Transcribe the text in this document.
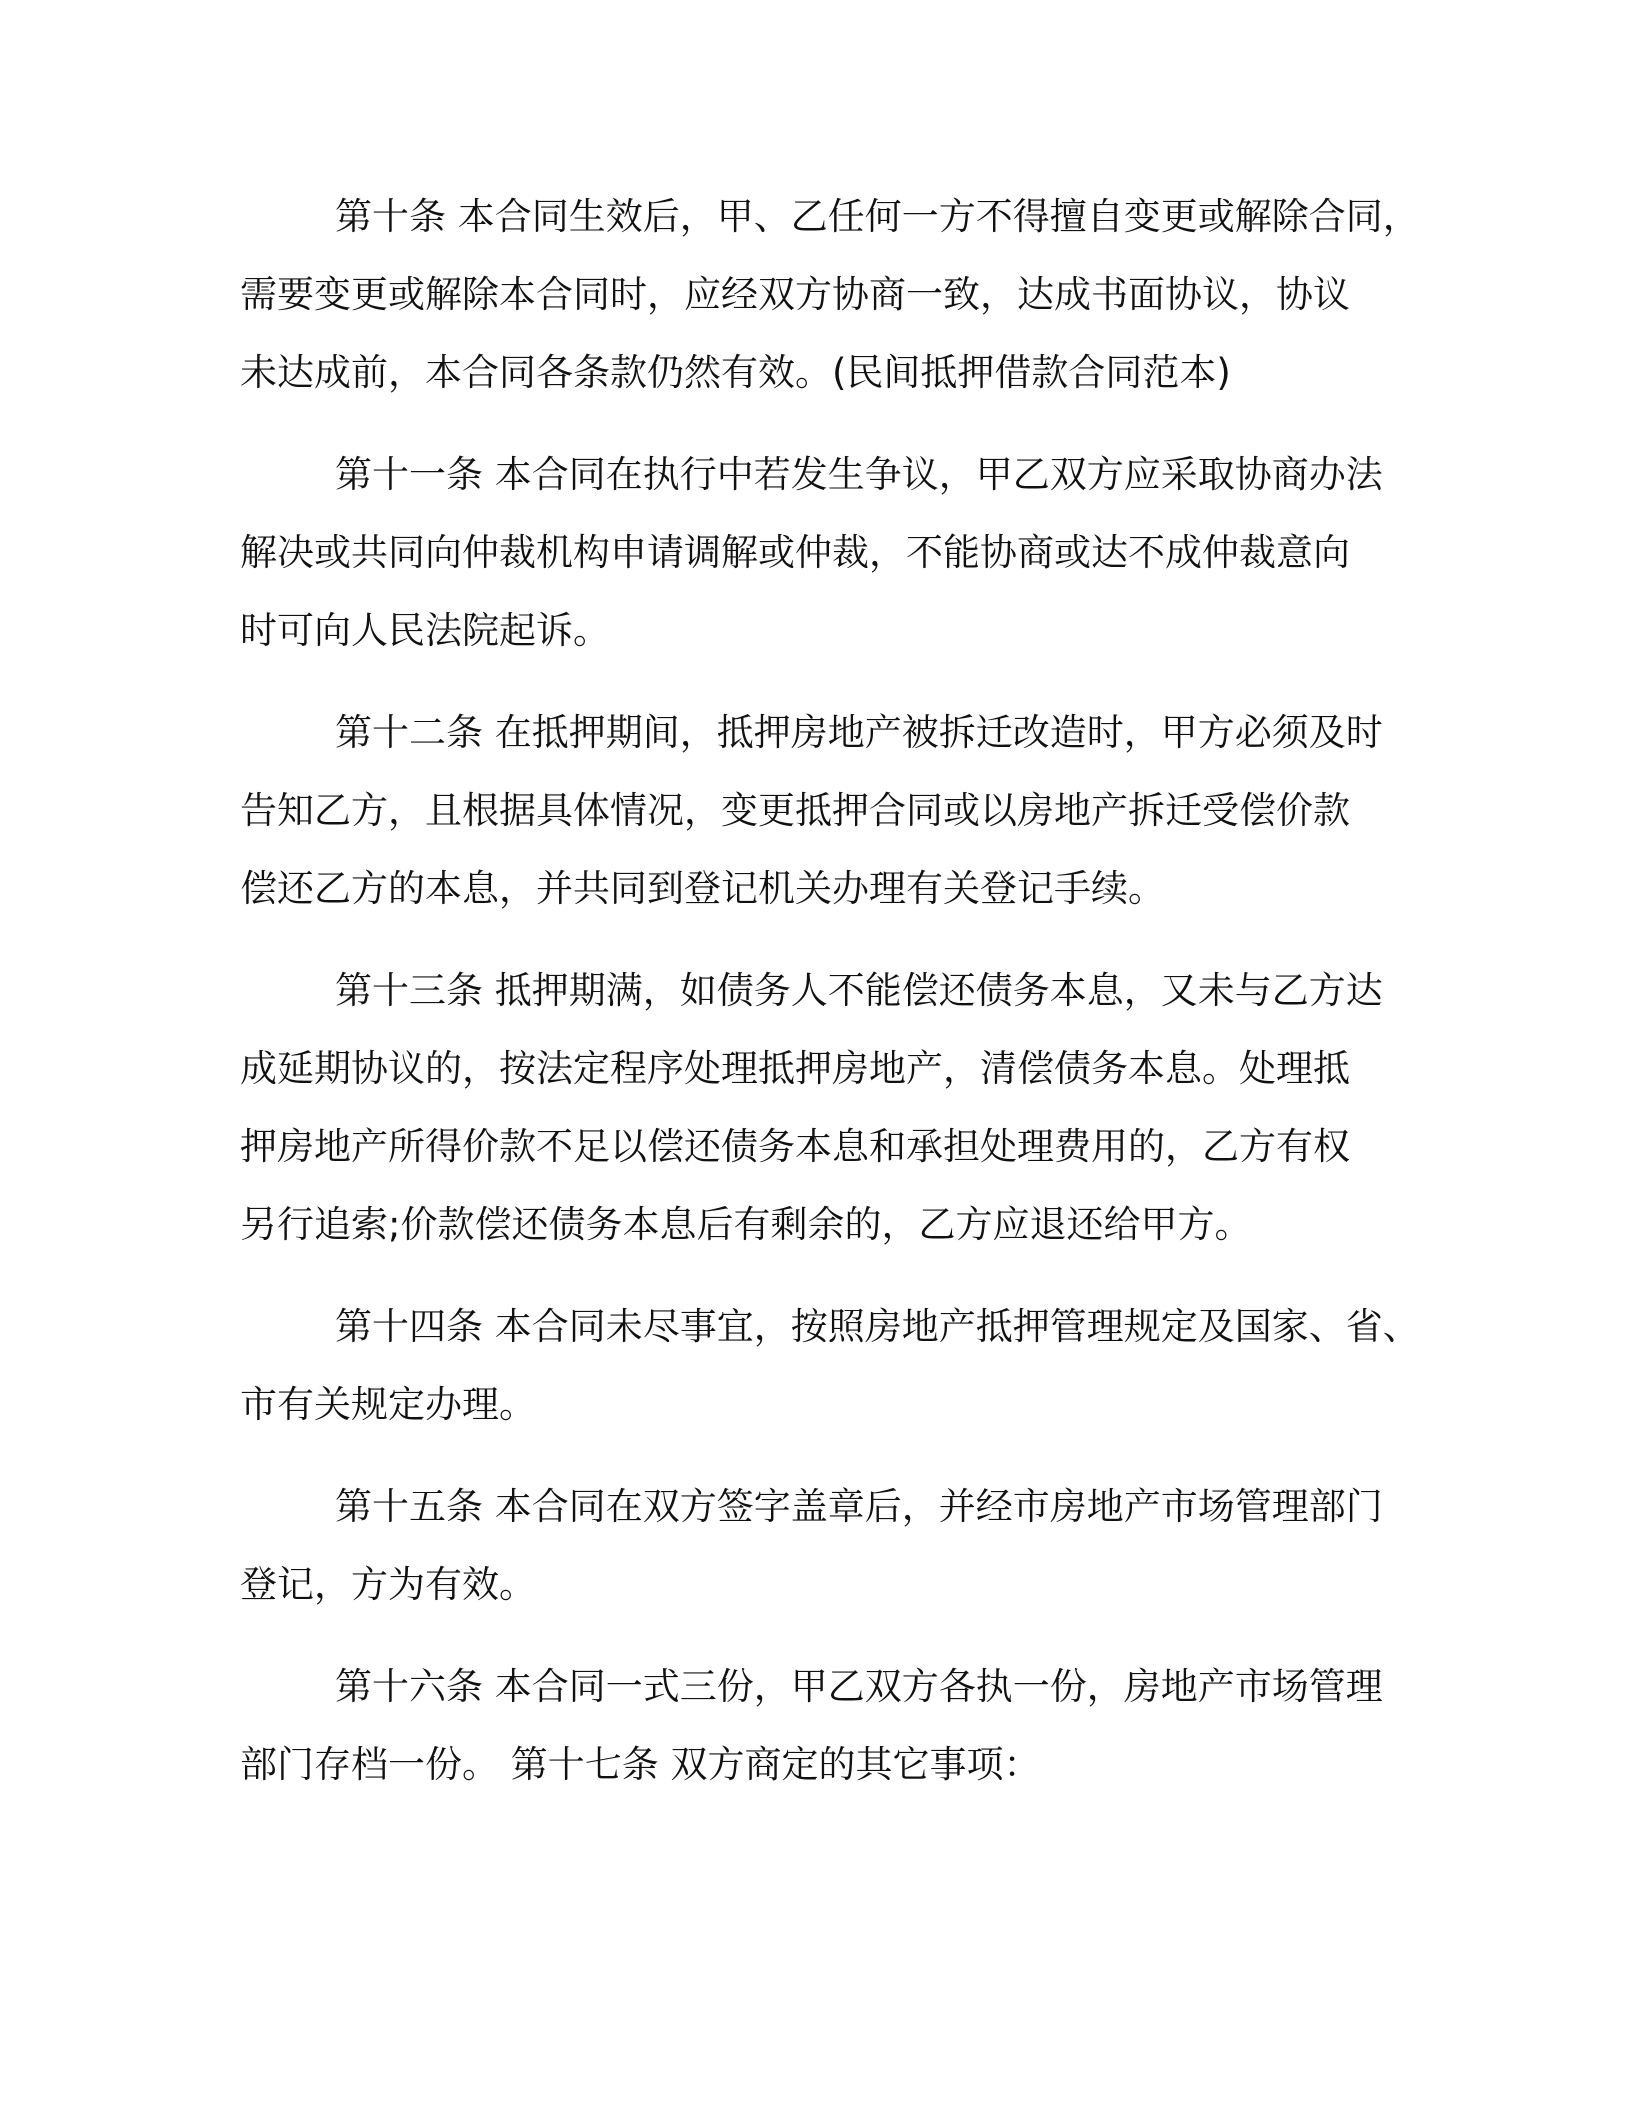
第十条 本合同生效后，甲、乙任何一方不得擅自变更或解除合同，
需要变更或解除本合同时，应经双方协商一致，达成书面协议，协议
未达成前，本合同各条款仍然有效。(民间抵押借款合同范本)
第十一条 本合同在执行中若发生争议，甲乙双方应采取协商办法
解决或共同向仲裁机构申请调解或仲裁，不能协商或达不成仲裁意向
时可向人民法院起诉。
第十二条 在抵押期间，抵押房地产被拆迁改造时，甲方必须及时
告知乙方，且根据具体情况，变更抵押合同或以房地产拆迁受偿价款
偿还乙方的本息，并共同到登记机关办理有关登记手续。
第十三条 抵押期满，如债务人不能偿还债务本息，又未与乙方达
成延期协议的，按法定程序处理抵押房地产，清偿债务本息。处理抵
押房地产所得价款不足以偿还债务本息和承担处理费用的，乙方有权
另行追索;价款偿还债务本息后有剩余的，乙方应退还给甲方。
第十四条 本合同未尽事宜，按照房地产抵押管理规定及国家、省、
市有关规定办理。
第十五条 本合同在双方签字盖章后，并经市房地产市场管理部门
登记，方为有效。
第十六条 本合同一式三份，甲乙双方各执一份，房地产市场管理
部门存档一份。 第十七条 双方商定的其它事项：
